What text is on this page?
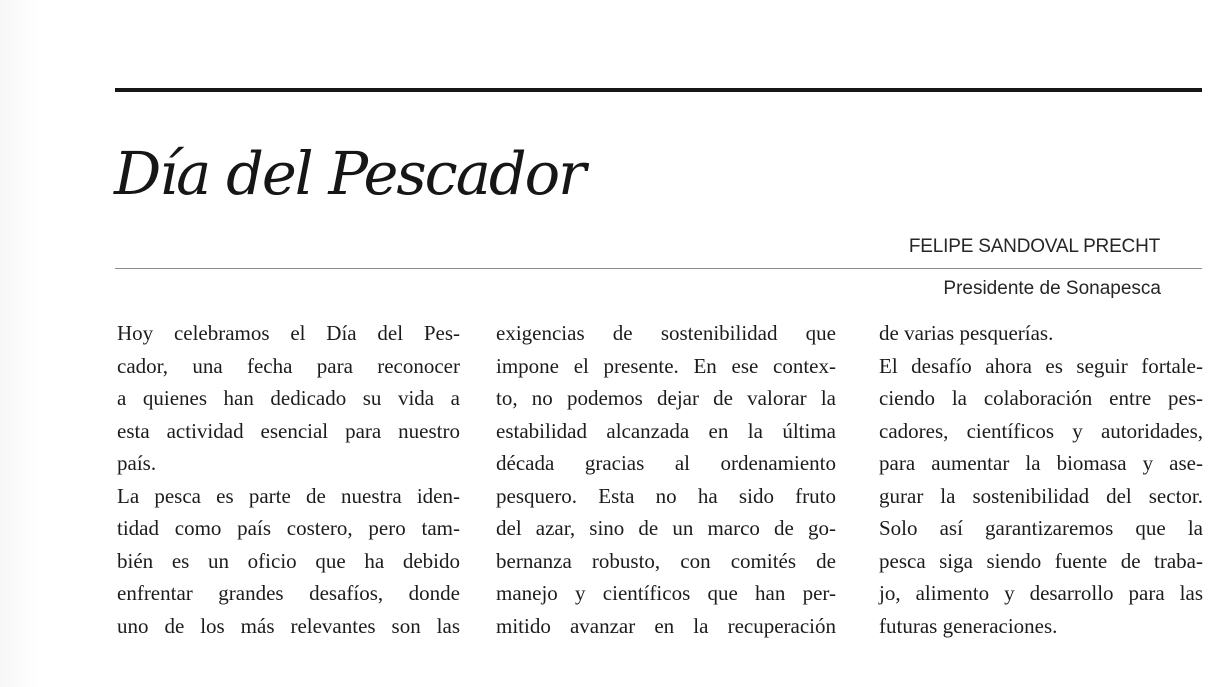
Día del Pescador
FELIPE SANDOVAL PRECHT
Presidente de Sonapesca
Hoy celebramos el Día del Pes-
cador, una fecha para reconocer
a quienes han dedicado su vida a
esta actividad esencial para nuestro
país.
La pesca es parte de nuestra iden-
tidad como país costero, pero tam-
bién es un oficio que ha debido
enfrentar grandes desafíos, donde
uno de los más relevantes son las
exigencias de sostenibilidad que
impone el presente. En ese contex-
to, no podemos dejar de valorar la
estabilidad alcanzada en la última
década gracias al ordenamiento
pesquero. Esta no ha sido fruto
del azar, sino de un marco de go-
bernanza robusto, con comités de
manejo y científicos que han per-
mitido avanzar en la recuperación
de varias pesquerías.
El desafío ahora es seguir fortale-
ciendo la colaboración entre pes-
cadores, científicos y autoridades,
para aumentar la biomasa y ase-
gurar la sostenibilidad del sector.
Solo así garantizaremos que la
pesca siga siendo fuente de traba-
jo, alimento y desarrollo para las
futuras generaciones.
